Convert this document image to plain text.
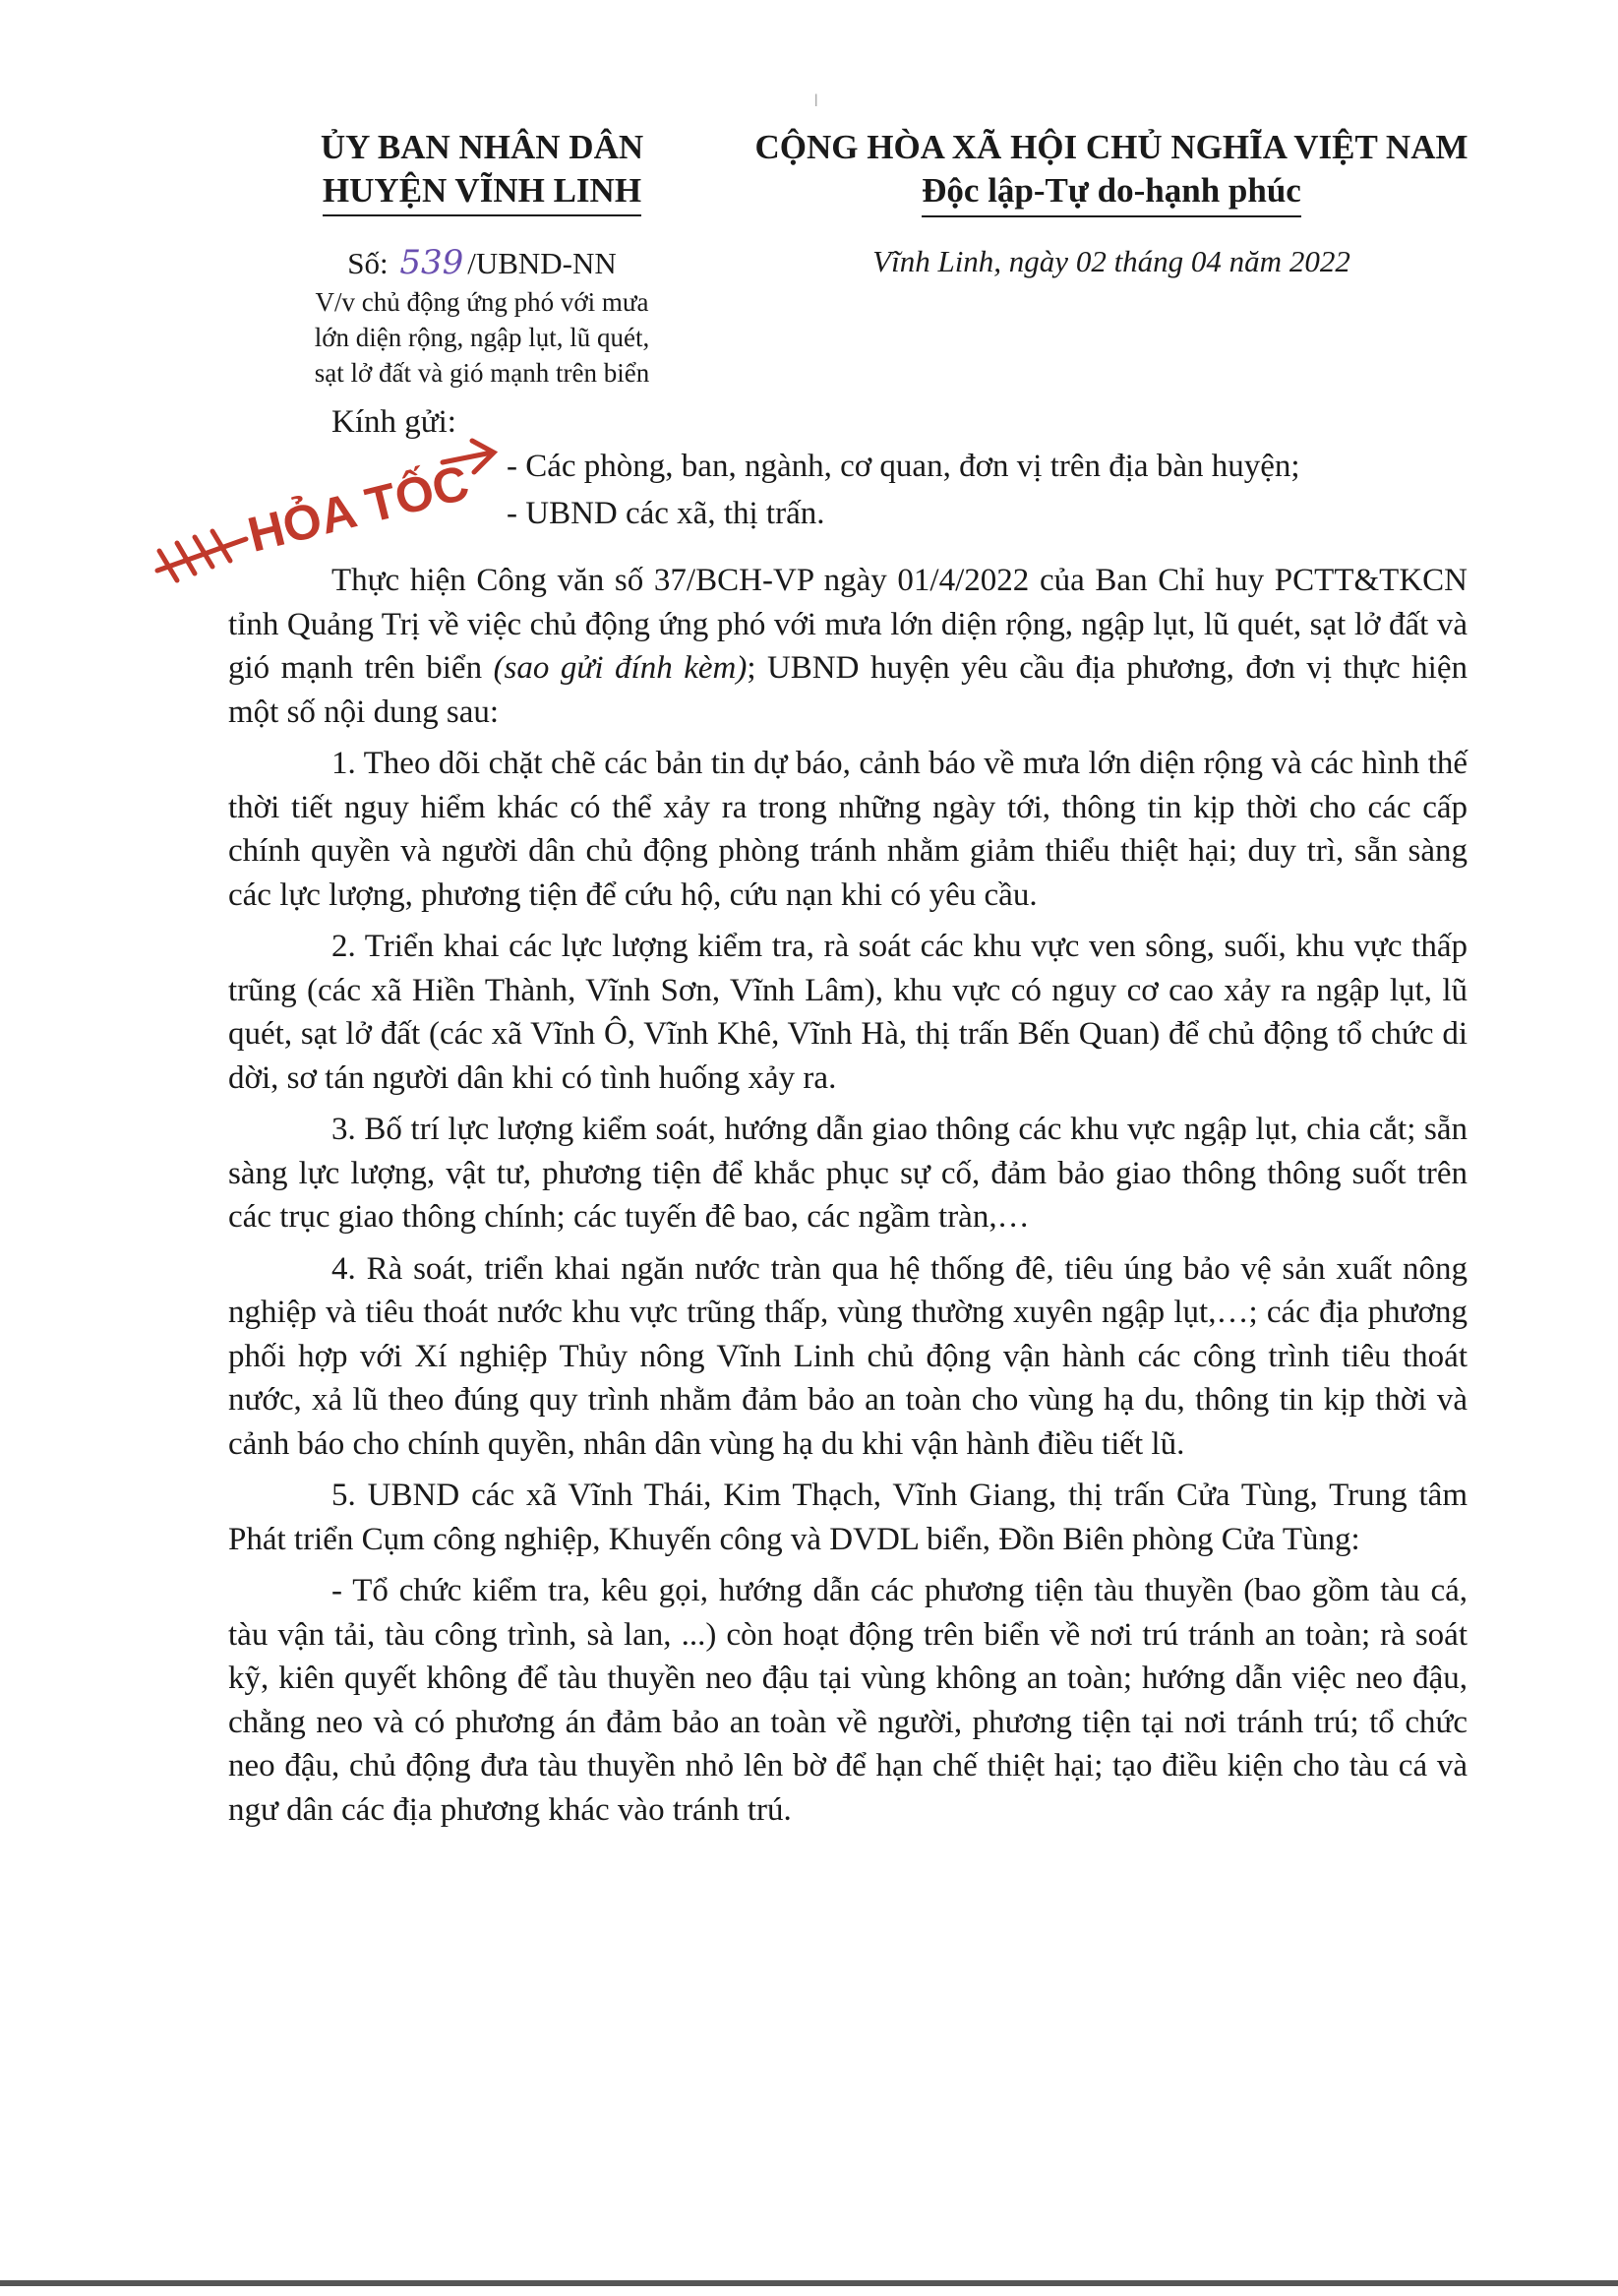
ỦY BAN NHÂN DÂN
HUYỆN VĨNH LINH
Số: 539 /UBND-NN
V/v chủ động ứng phó với mưa
lớn diện rộng, ngập lụt, lũ quét,
sạt lở đất và gió mạnh trên biển
CỘNG HÒA XÃ HỘI CHỦ NGHĨA VIỆT NAM
Độc lập-Tự do-hạnh phúc
Vĩnh Linh, ngày 02 tháng 04 năm 2022
ǀ
Kính gửi:
- Các phòng, ban, ngành, cơ quan, đơn vị trên địa bàn huyện;
- UBND các xã, thị trấn.
HỎA TỐC

Thực hiện Công văn số 37/BCH-VP ngày 01/4/2022 của Ban Chỉ huy PCTT&TKCN tỉnh Quảng Trị về việc chủ động ứng phó với mưa lớn diện rộng, ngập lụt, lũ quét, sạt lở đất và gió mạnh trên biển (sao gửi đính kèm); UBND huyện yêu cầu địa phương, đơn vị thực hiện một số nội dung sau:

1. Theo dõi chặt chẽ các bản tin dự báo, cảnh báo về mưa lớn diện rộng và các hình thế thời tiết nguy hiểm khác có thể xảy ra trong những ngày tới, thông tin kịp thời cho các cấp chính quyền và người dân chủ động phòng tránh nhằm giảm thiểu thiệt hại; duy trì, sẵn sàng các lực lượng, phương tiện để cứu hộ, cứu nạn khi có yêu cầu.

2. Triển khai các lực lượng kiểm tra, rà soát các khu vực ven sông, suối, khu vực thấp trũng (các xã Hiền Thành, Vĩnh Sơn, Vĩnh Lâm), khu vực có nguy cơ cao xảy ra ngập lụt, lũ quét, sạt lở đất (các xã Vĩnh Ô, Vĩnh Khê, Vĩnh Hà, thị trấn Bến Quan) để chủ động tổ chức di dời, sơ tán người dân khi có tình huống xảy ra.

3. Bố trí lực lượng kiểm soát, hướng dẫn giao thông các khu vực ngập lụt, chia cắt; sẵn sàng lực lượng, vật tư, phương tiện để khắc phục sự cố, đảm bảo giao thông thông suốt trên các trục giao thông chính; các tuyến đê bao, các ngầm tràn,…

4. Rà soát, triển khai ngăn nước tràn qua hệ thống đê, tiêu úng bảo vệ sản xuất nông nghiệp và tiêu thoát nước khu vực trũng thấp, vùng thường xuyên ngập lụt,…; các địa phương phối hợp với Xí nghiệp Thủy nông Vĩnh Linh chủ động vận hành các công trình tiêu thoát nước, xả lũ theo đúng quy trình nhằm đảm bảo an toàn cho vùng hạ du, thông tin kịp thời và cảnh báo cho chính quyền, nhân dân vùng hạ du khi vận hành điều tiết lũ.

5. UBND các xã Vĩnh Thái, Kim Thạch, Vĩnh Giang, thị trấn Cửa Tùng, Trung tâm Phát triển Cụm công nghiệp, Khuyến công và DVDL biển, Đồn Biên phòng Cửa Tùng:

- Tổ chức kiểm tra, kêu gọi, hướng dẫn các phương tiện tàu thuyền (bao gồm tàu cá, tàu vận tải, tàu công trình, sà lan, ...) còn hoạt động trên biển về nơi trú tránh an toàn; rà soát kỹ, kiên quyết không để tàu thuyền neo đậu tại vùng không an toàn; hướng dẫn việc neo đậu, chằng neo và có phương án đảm bảo an toàn về người, phương tiện tại nơi tránh trú; tổ chức neo đậu, chủ động đưa tàu thuyền nhỏ lên bờ để hạn chế thiệt hại; tạo điều kiện cho tàu cá và ngư dân các địa phương khác vào tránh trú.
